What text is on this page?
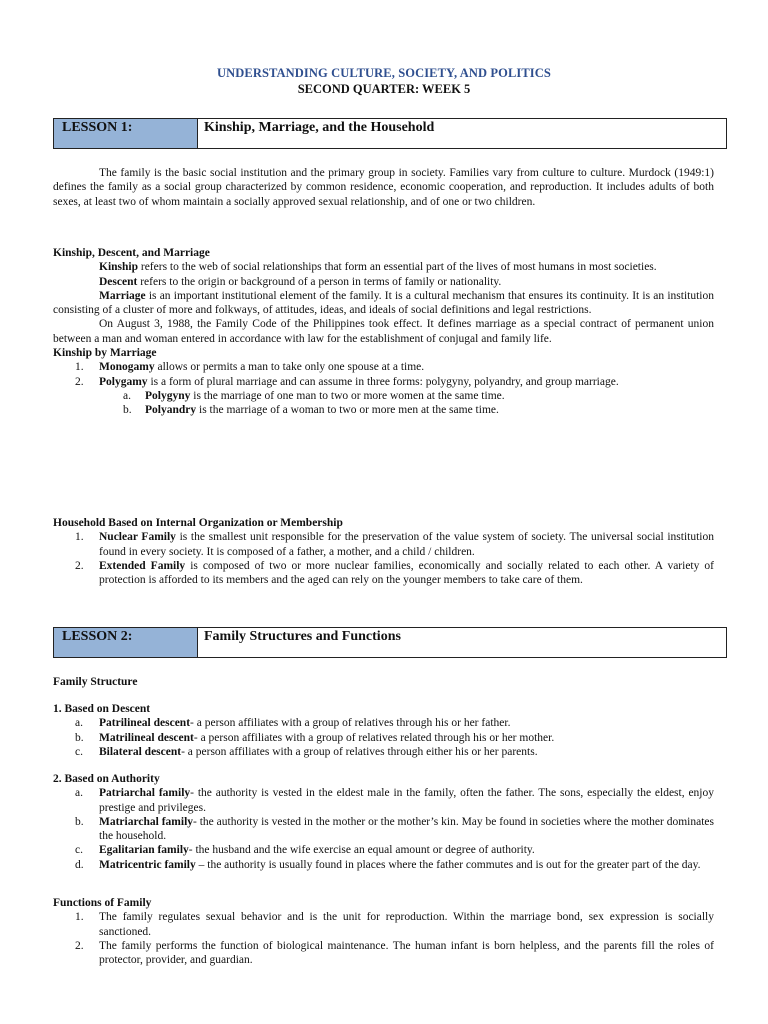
UNDERSTANDING CULTURE, SOCIETY, AND POLITICS
SECOND QUARTER: WEEK 5
LESSON 1:	Kinship, Marriage, and the Household

The family is the basic social institution and the primary group in society. Families vary from culture to culture. Murdock (1949:1) defines the family as a social group characterized by common residence, economic cooperation, and reproduction. It includes adults of both sexes, at least two of whom maintain a socially approved sexual relationship, and of one or two children.

Kinship, Descent, and Marriage

Kinship refers to the web of social relationships that form an essential part of the lives of most humans in most societies.

Descent refers to the origin or background of a person in terms of family or nationality.

Marriage is an important institutional element of the family. It is a cultural mechanism that ensures its continuity. It is an institution consisting of a cluster of more and folkways, of attitudes, ideas, and ideals of social definitions and legal restrictions.

On August 3, 1988, the Family Code of the Philippines took effect. It defines marriage as a special contract of permanent union between a man and woman entered in accordance with law for the establishment of conjugal and family life.

Kinship by Marriage

1. Monogamy allows or permits a man to take only one spouse at a time.
2. Polygamy is a form of plural marriage and can assume in three forms: polygyny, polyandry, and group marriage.
a. Polygyny is the marriage of one man to two or more women at the same time.
b. Polyandry is the marriage of a woman to two or more men at the same time.

Household Based on Internal Organization or Membership

1. Nuclear Family is the smallest unit responsible for the preservation of the value system of society. The universal social institution found in every society. It is composed of a father, a mother, and a child / children.
2. Extended Family is composed of two or more nuclear families, economically and socially related to each other. A variety of protection is afforded to its members and the aged can rely on the younger members to take care of them.
LESSON 2:	Family Structures and Functions

Family Structure

1. Based on Descent

a. Patrilineal descent- a person affiliates with a group of relatives through his or her father.
b. Matrilineal descent- a person affiliates with a group of relatives related through his or her mother.
c. Bilateral descent- a person affiliates with a group of relatives through either his or her parents.

2. Based on Authority

a. Patriarchal family- the authority is vested in the eldest male in the family, often the father. The sons, especially the eldest, enjoy prestige and privileges.
b. Matriarchal family- the authority is vested in the mother or the mother’s kin. May be found in societies where the mother dominates the household.
c. Egalitarian family- the husband and the wife exercise an equal amount or degree of authority.
d. Matricentric family – the authority is usually found in places where the father commutes and is out for the greater part of the day.

Functions of Family

1. The family regulates sexual behavior and is the unit for reproduction. Within the marriage bond, sex expression is socially sanctioned.
2. The family performs the function of biological maintenance. The human infant is born helpless, and the parents fill the roles of protector, provider, and guardian.
